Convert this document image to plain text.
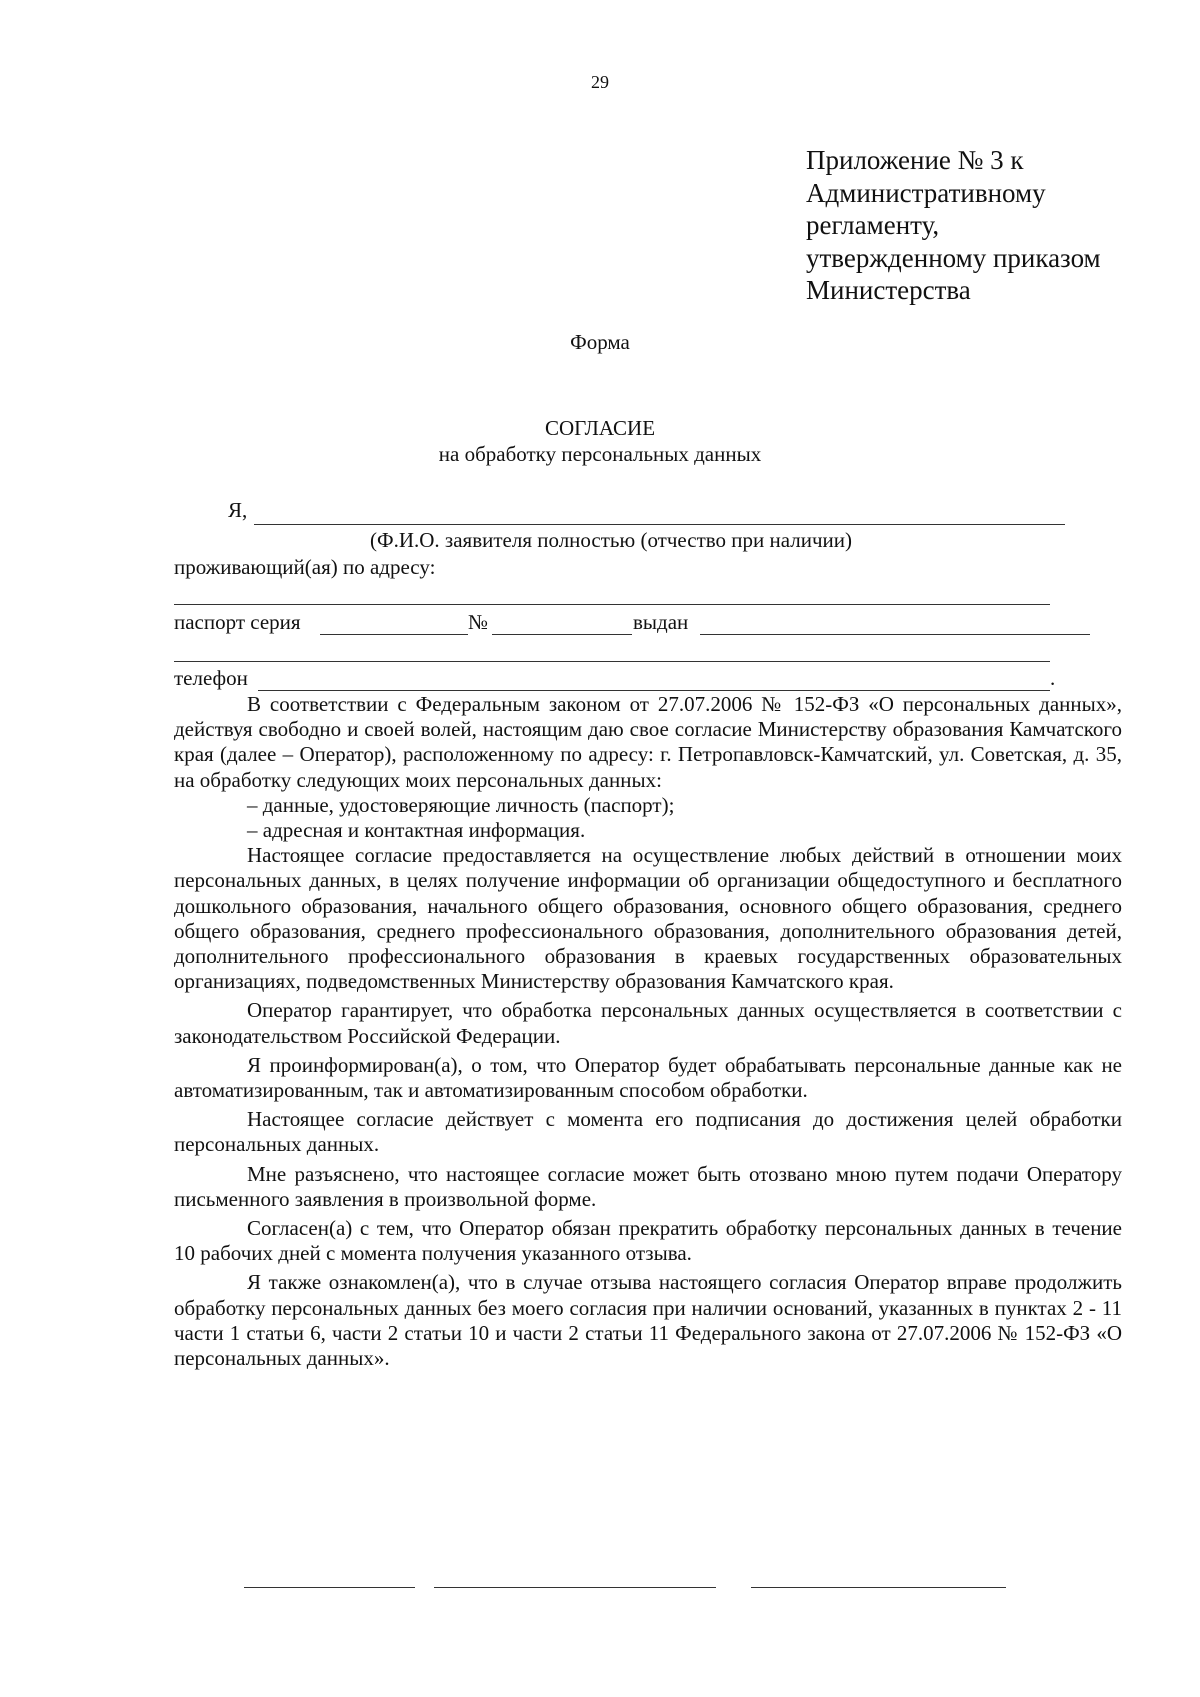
29
Приложение № 3 к
Административному
регламенту,
утвержденному приказом
Министерства
Форма
СОГЛАСИЕ
на обработку персональных данных
Я,
(Ф.И.О. заявителя полностью (отчество при наличии)
проживающий(ая) по адресу:
паспорт серия	№	выдан
телефон	.

В соответствии с Федеральным законом от 27.07.2006 № 152-ФЗ «О персональных данных», действуя свободно и своей волей, настоящим даю свое согласие Министерству образования Камчатского края (далее – Оператор), расположенному по адресу: г. Петропавловск-Камчатский, ул. Советская, д. 35, на обработку следующих моих персональных данных:

– данные, удостоверяющие личность (паспорт);

– адресная и контактная информация.

Настоящее согласие предоставляется на осуществление любых действий в отношении моих персональных данных, в целях получение информации об организации общедоступного и бесплатного дошкольного образования, начального общего образования, основного общего образования, среднего общего образования, среднего профессионального образования, дополнительного образования детей, дополнительного профессионального образования в краевых государственных образовательных организациях, подведомственных Министерству образования Камчатского края.

Оператор гарантирует, что обработка персональных данных осуществляется в соответствии с законодательством Российской Федерации.

Я проинформирован(а), о том, что Оператор будет обрабатывать персональные данные как не автоматизированным, так и автоматизированным способом обработки.

Настоящее согласие действует с момента его подписания до достижения целей обработки персональных данных.

Мне разъяснено, что настоящее согласие может быть отозвано мною путем подачи Оператору письменного заявления в произвольной форме.

Согласен(а) с тем, что Оператор обязан прекратить обработку персональных данных в течение 10 рабочих дней с момента получения указанного отзыва.

Я также ознакомлен(а), что в случае отзыва настоящего согласия Оператор вправе продолжить обработку персональных данных без моего согласия при наличии оснований, указанных в пунктах 2 - 11 части 1 статьи 6, части 2 статьи 10 и части 2 статьи 11 Федерального закона от 27.07.2006 № 152-ФЗ «О персональных данных».
